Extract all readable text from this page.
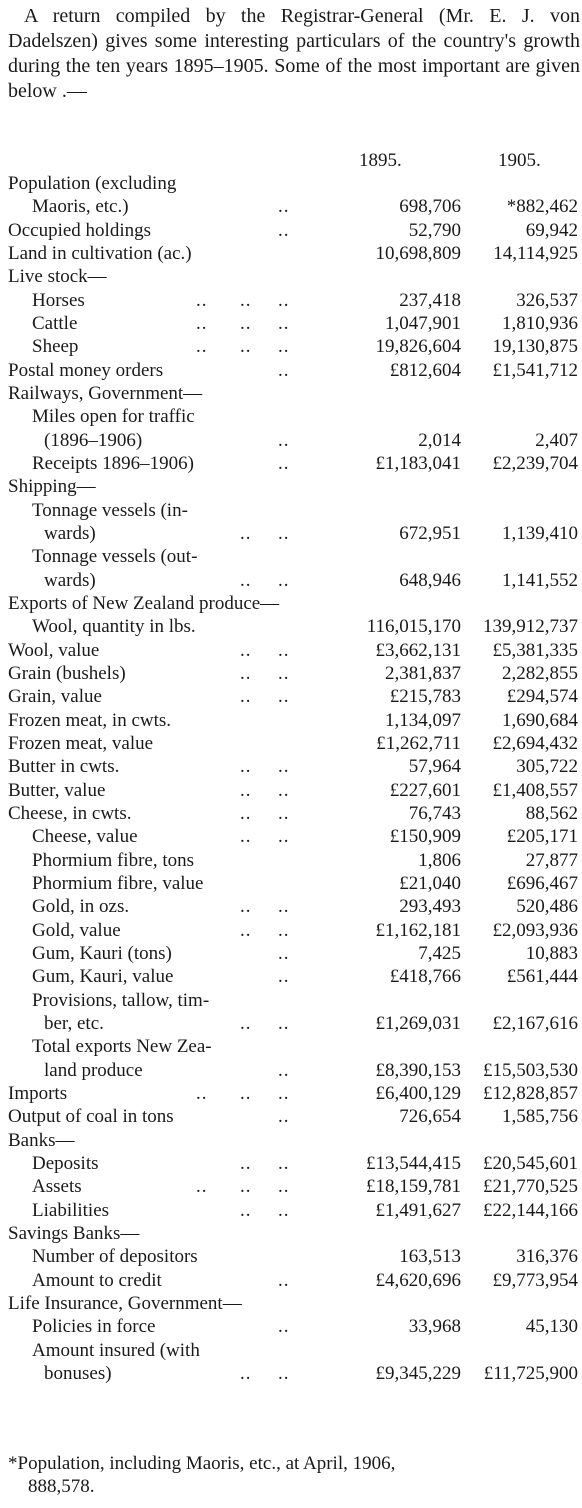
A return compiled by the Registrar-General (Mr. E. J. von Dadelszen) gives some interesting particulars of the country's growth during the ten years 1895–1905. Some of the most important are given below .—

1895.	1905.
Population (excluding
Maoris, etc.)	..	698,706 *882,462
Occupied holdings	..	52,790	69,942
Land in cultivation (ac.)	10,698,809 14,114,925
Live stock—
Horses	.. .. ..	237,418	326,537
Cattle	.. .. ..	1,047,901 1,810,936
Sheep	.. .. ..	19,826,604 19,130,875
Postal money orders	..	£812,604 £1,541,712
Railways, Government—
Miles open for traffic
(1896–1906)	..	2,014	2,407
Receipts 1896–1906)	..	£1,183,041 £2,239,704
Shipping—
Tonnage vessels (in-
wards)	.. ..	672,951 1,139,410
Tonnage vessels (out-
wards)	.. ..	648,946 1,141,552
Exports of New Zealand produce—
Wool, quantity in lbs.	116,015,170 139,912,737
Wool, value	.. ..	£3,662,131 £5,381,335
Grain (bushels)	.. ..	2,381,837 2,282,855
Grain, value	.. ..	£215,783 £294,574
Frozen meat, in cwts.	1,134,097 1,690,684
Frozen meat, value	£1,262,711 £2,694,432
Butter in cwts.	.. ..	57,964	305,722
Butter, value	.. ..	£227,601 £1,408,557
Cheese, in cwts.	.. ..	76,743	88,562
Cheese, value	.. ..	£150,909 £205,171
Phormium fibre, tons	1,806	27,877
Phormium fibre, value	£21,040 £696,467
Gold, in ozs.	.. ..	293,493	520,486
Gold, value	.. ..	£1,162,181 £2,093,936
Gum, Kauri (tons)	..	7,425	10,883
Gum, Kauri, value	..	£418,766 £561,444
Provisions, tallow, tim-
ber, etc.	.. ..	£1,269,031 £2,167,616
Total exports New Zea-
land produce	..	£8,390,153 £15,503,530
Imports	.. .. ..	£6,400,129 £12,828,857
Output of coal in tons	..	726,654 1,585,756
Banks—
Deposits	.. ..	£13,544,415 £20,545,601
Assets	.. .. ..	£18,159,781 £21,770,525
Liabilities	.. ..	£1,491,627 £22,144,166
Savings Banks—
Number of depositors	163,513	316,376
Amount to credit	..	£4,620,696 £9,773,954
Life Insurance, Government—
Policies in force	..	33,968	45,130
Amount insured (with
bonuses)	.. ..	£9,345,229 £11,725,900
*Population, including Maoris, etc., at April, 1906,
888,578.
